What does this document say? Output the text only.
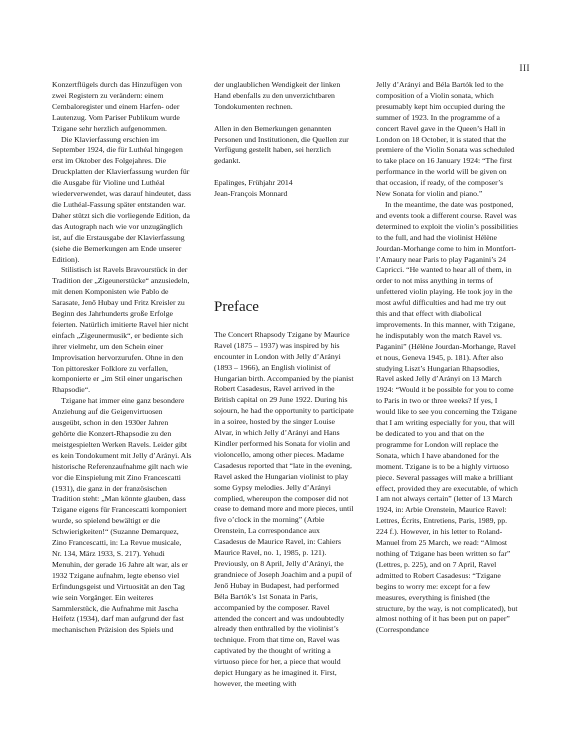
III

Konzertflügels durch das Hinzufügen von zwei Registern zu verändern: einem Cembaloregister und einem Harfen- oder Lautenzug. Vom Pariser Publikum wurde Tzigane sehr herzlich aufgenommen.

Die Klavierfassung erschien im September 1924, die für Luthéal hingegen erst im Oktober des Folgejahres. Die Druckplatten der Klavierfassung wurden für die Ausgabe für Violine und Luthéal wiederverwendet, was darauf hindeutet, dass die Luthéal-Fassung später entstanden war. Daher stützt sich die vorliegende Edition, da das Autograph nach wie vor unzugänglich ist, auf die Erstausgabe der Klavierfassung (siehe die Bemerkungen am Ende unserer Edition).

Stilistisch ist Ravels Bravourstück in der Tradition der „Zigeunerstücke“ anzusiedeln, mit denen Komponisten wie Pablo de Sarasate, Jenő Hubay und Fritz Kreisler zu Beginn des Jahrhunderts große Erfolge feierten. Natürlich imitierte Ravel hier nicht einfach „Zigeunermusik“, er bediente sich ihrer vielmehr, um den Schein einer Improvisation hervorzurufen. Ohne in den Ton pittoresker Folklore zu verfallen, komponierte er „im Stil einer ungarischen Rhapsodie“.

Tzigane hat immer eine ganz besondere Anziehung auf die Geigenvirtuosen ausgeübt, schon in den 1930er Jahren gehörte die Konzert-Rhapsodie zu den meistgespielten Werken Ravels. Leider gibt es kein Tondokument mit Jelly d’Arányi. Als historische Referenzaufnahme gilt nach wie vor die Einspielung mit Zino Francescatti (1931), die ganz in der französischen Tradition steht: „Man könnte glauben, dass Tzigane eigens für Francescatti komponiert wurde, so spielend bewältigt er die Schwierigkeiten!“ (Suzanne Demarquez, Zino Francescatti, in: La Revue musicale, Nr. 134, März 1933, S. 217). Yehudi Menuhin, der gerade 16 Jahre alt war, als er 1932 Tzigane aufnahm, legte ebenso viel Erfindungsgeist und Virtuosität an den Tag wie sein Vorgänger. Ein weiteres Sammlerstück, die Aufnahme mit Jascha Heifetz (1934), darf man aufgrund der fast mechanischen Präzision des Spiels und

der unglaublichen Wendigkeit der linken Hand ebenfalls zu den unverzichtbaren Tondokumenten rechnen.

Allen in den Bemerkungen genannten Personen und Institutionen, die Quellen zur Verfügung gestellt haben, sei herzlich gedankt.

Epalinges, Frühjahr 2014

Jean-François Monnard

Preface

The Concert Rhapsody Tzigane by Maurice Ravel (1875 – 1937) was inspired by his encounter in London with Jelly d’Arányi (1893 – 1966), an English violinist of Hungarian birth. Accompanied by the pianist Robert Casadesus, Ravel arrived in the British capital on 29 June 1922. During his sojourn, he had the opportunity to participate in a soiree, hosted by the singer Louise Alvar, in which Jelly d’Arányi and Hans Kindler performed his Sonata for violin and violoncello, among other pieces. Madame Casadesus reported that “late in the evening, Ravel asked the Hungarian violinist to play some Gypsy melodies. Jelly d’Arányi complied, whereupon the composer did not cease to demand more and more pieces, until five o’clock in the morning” (Arbie Orenstein, La correspondance aux Casadesus de Maurice Ravel, in: Cahiers Maurice Ravel, no. 1, 1985, p. 121). Previously, on 8 April, Jelly d’Arányi, the grandniece of Joseph Joachim and a pupil of Jenő Hubay in Budapest, had performed Béla Bartók’s 1st Sonata in Paris, accompanied by the composer. Ravel attended the concert and was undoubtedly already then enthralled by the violinist’s technique. From that time on, Ravel was captivated by the thought of writing a virtuoso piece for her, a piece that would depict Hungary as he imagined it. First, however, the meeting with

Jelly d’Arányi and Béla Bartók led to the composition of a Violin sonata, which presumably kept him occupied during the summer of 1923. In the programme of a concert Ravel gave in the Queen’s Hall in London on 18 October, it is stated that the premiere of the Violin Sonata was scheduled to take place on 16 January 1924: “The first performance in the world will be given on that occasion, if ready, of the composer’s New Sonata for violin and piano.”

In the meantime, the date was postponed, and events took a different course. Ravel was determined to exploit the violin’s possibilities to the full, and had the violinist Hélène Jourdan-Morhange come to him in Montfort-l’Amaury near Paris to play Paganini’s 24 Capricci. “He wanted to hear all of them, in order to not miss anything in terms of unfettered violin playing. He took joy in the most awful difficulties and had me try out this and that effect with diabolical improvements. In this manner, with Tzigane, he indisputably won the match Ravel vs. Paganini” (Hélène Jourdan-Morhange, Ravel et nous, Geneva 1945, p. 181). After also studying Liszt’s Hungarian Rhapsodies, Ravel asked Jelly d’Arányi on 13 March 1924: “Would it be possible for you to come to Paris in two or three weeks? If yes, I would like to see you concerning the Tzigane that I am writing especially for you, that will be dedicated to you and that on the programme for London will replace the Sonata, which I have abandoned for the moment. Tzigane is to be a highly virtuoso piece. Several passages will make a brilliant effect, provided they are executable, of which I am not always certain” (letter of 13 March 1924, in: Arbie Orenstein, Maurice Ravel: Lettres, Écrits, Entretiens, Paris, 1989, pp. 224 f.). However, in his letter to Roland-Manuel from 25 March, we read: “Almost nothing of Tzigane has been written so far” (Lettres, p. 225), and on 7 April, Ravel admitted to Robert Casadesus: “Tzigane begins to worry me: except for a few measures, everything is finished (the structure, by the way, is not complicated), but almost nothing of it has been put on paper” (Correspondance
